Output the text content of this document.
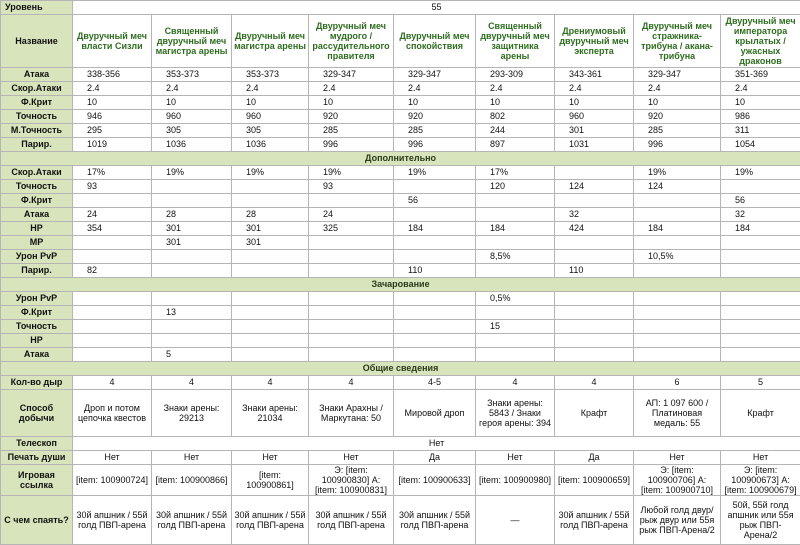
Уровень	55								
Название	Двуручный меч власти Сизли	Священный двуручный меч магистра арены	Двуручный меч магистра арены	Двуручный меч мудрого / рассудительного правителя	Двуручный меч спокойствия	Священный двуручный меч защитника арены	Дрениумовый двуручный меч эксперта	Двуручный меч стражника-трибуна / акана-трибуна	Двуручный меч императора крылатых / ужасных драконов
Атака	338-356	353-373	353-373	329-347	329-347	293-309	343-361	329-347	351-369
Скор.Атаки	2.4	2.4	2.4	2.4	2.4	2.4	2.4	2.4	2.4
Ф.Крит	10	10	10	10	10	10	10	10	10
Точность	946	960	960	920	920	802	960	920	986
М.Точность	295	305	305	285	285	244	301	285	311
Парир.	1019	1036	1036	996	996	897	1031	996	1054
Дополнительно									
Скор.Атаки	17%	19%	19%	19%	19%	17%		19%	19%
Точность	93			93		120	124	124	
Ф.Крит					56				56
Атака	24	28	28	24			32		32
HP	354	301	301	325	184	184	424	184	184
MP		301	301						
Урон PvP						8,5%		10,5%	
Парир.	82				110		110		
Зачарование									
Урон PvP						0,5%			
Ф.Крит		13							
Точность						15			
HP									
Атака		5							
Общие сведения									
Кол-во дыр	4	4	4	4	4-5	4	4	6	5
Способ добычи	Дроп и потом цепочка квестов	Знаки арены: 29213	Знаки арены: 21034	Знаки Арахны / Маркутана: 50	Мировой дроп	Знаки арены: 5843 / Знаки героя арены: 394	Крафт	АП: 1 097 600 / Платиновая медаль: 55	Крафт
Телескоп	Нет								
Печать души	Нет	Нет	Нет	Нет	Да	Нет	Да	Нет	Нет
Игровая ссылка	[item: 100900724]	[item: 100900866]	[item: 100900861]	Э: [item: 100900830] А: [item: 100900831]	[item: 100900633]	[item: 100900980]	[item: 100900659]	Э: [item: 100900706] А: [item: 100900710]	Э: [item: 100900673] А: [item: 100900679]
С чем спаять?	30й апшник / 55й голд ПВП-арена	30й апшник / 55й голд ПВП-арена	30й апшник / 55й голд ПВП-арена	30й апшник / 55й голд ПВП-арена	30й апшник / 55й голд ПВП-арена	—	30й апшник / 55й голд ПВП-арена	Любой голд двур/рыж двур или 55я рыж ПВП-Арена/2	50й, 55й голд апшник или 55я рыж ПВП-Арена/2
